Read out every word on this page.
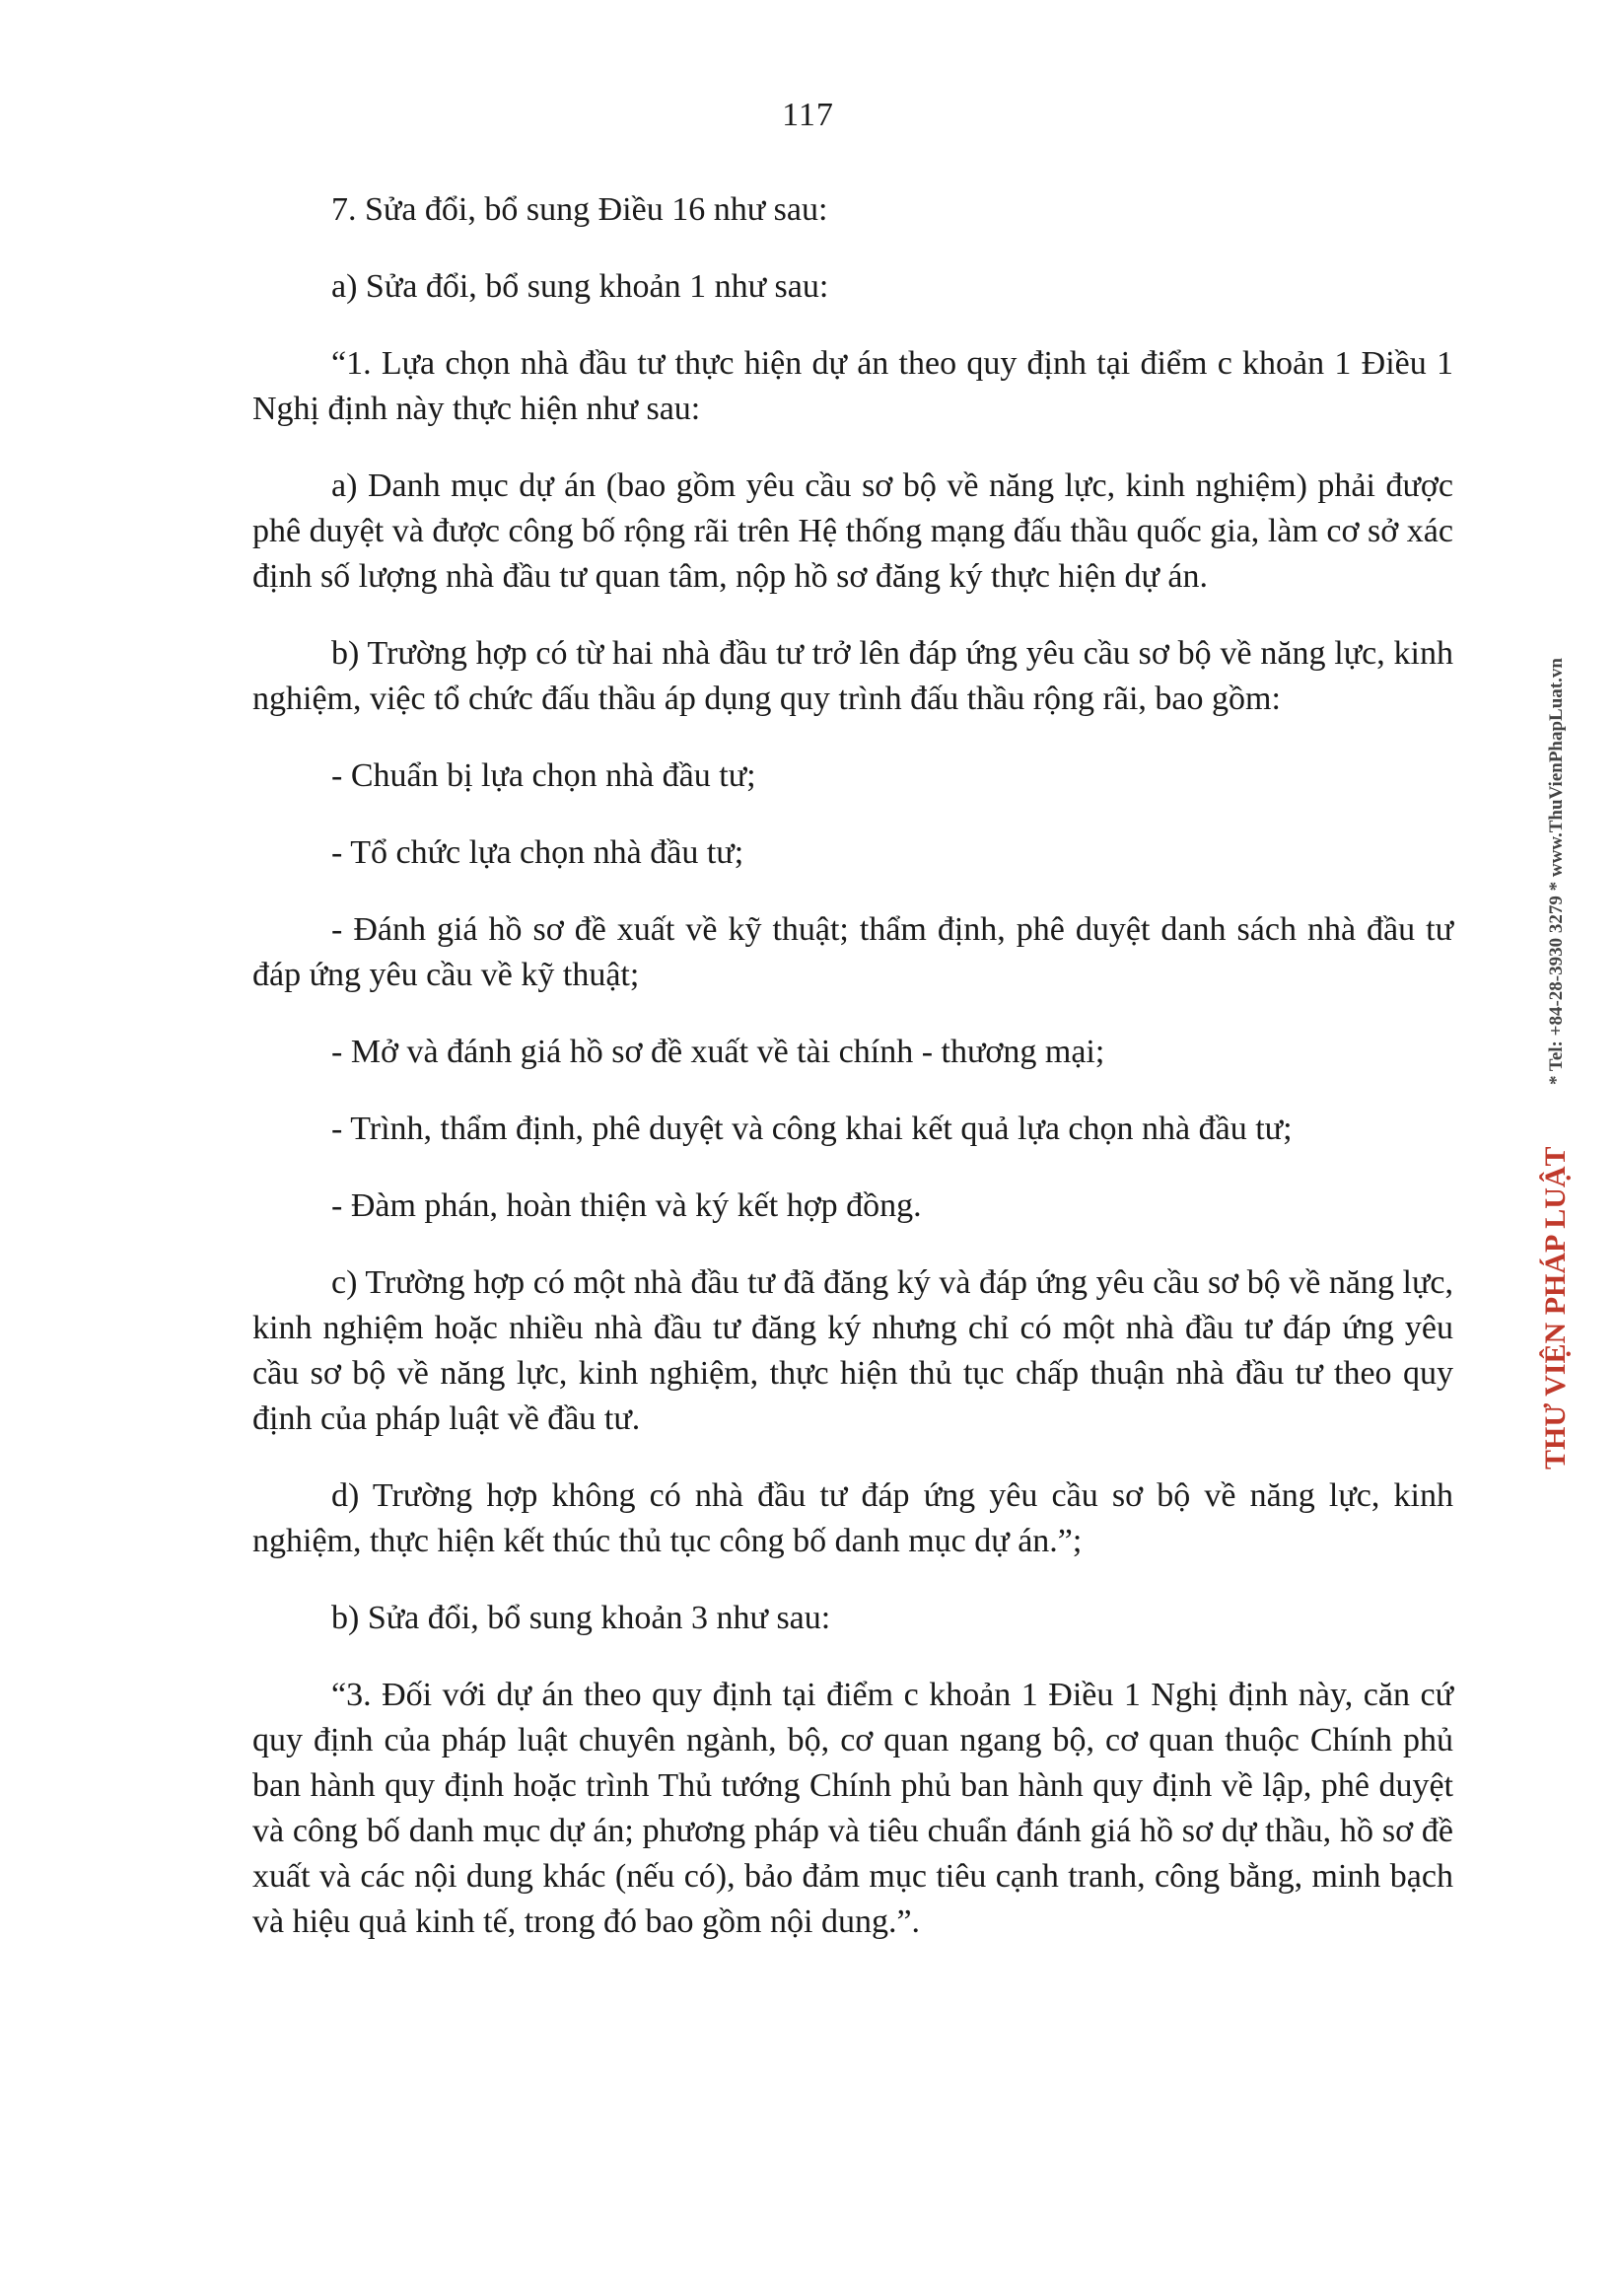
117

7. Sửa đổi, bổ sung Điều 16 như sau:

a) Sửa đổi, bổ sung khoản 1 như sau:

“1. Lựa chọn nhà đầu tư thực hiện dự án theo quy định tại điểm c khoản 1 Điều 1 Nghị định này thực hiện như sau:

a) Danh mục dự án (bao gồm yêu cầu sơ bộ về năng lực, kinh nghiệm) phải được phê duyệt và được công bố rộng rãi trên Hệ thống mạng đấu thầu quốc gia, làm cơ sở xác định số lượng nhà đầu tư quan tâm, nộp hồ sơ đăng ký thực hiện dự án.

b) Trường hợp có từ hai nhà đầu tư trở lên đáp ứng yêu cầu sơ bộ về năng lực, kinh nghiệm, việc tổ chức đấu thầu áp dụng quy trình đấu thầu rộng rãi, bao gồm:

- Chuẩn bị lựa chọn nhà đầu tư;

- Tổ chức lựa chọn nhà đầu tư;

- Đánh giá hồ sơ đề xuất về kỹ thuật; thẩm định, phê duyệt danh sách nhà đầu tư đáp ứng yêu cầu về kỹ thuật;

- Mở và đánh giá hồ sơ đề xuất về tài chính - thương mại;

- Trình, thẩm định, phê duyệt và công khai kết quả lựa chọn nhà đầu tư;

- Đàm phán, hoàn thiện và ký kết hợp đồng.

c) Trường hợp có một nhà đầu tư đã đăng ký và đáp ứng yêu cầu sơ bộ về năng lực, kinh nghiệm hoặc nhiều nhà đầu tư đăng ký nhưng chỉ có một nhà đầu tư đáp ứng yêu cầu sơ bộ về năng lực, kinh nghiệm, thực hiện thủ tục chấp thuận nhà đầu tư theo quy định của pháp luật về đầu tư.

d) Trường hợp không có nhà đầu tư đáp ứng yêu cầu sơ bộ về năng lực, kinh nghiệm, thực hiện kết thúc thủ tục công bố danh mục dự án.”;

b) Sửa đổi, bổ sung khoản 3 như sau:

“3. Đối với dự án theo quy định tại điểm c khoản 1 Điều 1 Nghị định này, căn cứ quy định của pháp luật chuyên ngành, bộ, cơ quan ngang bộ, cơ quan thuộc Chính phủ ban hành quy định hoặc trình Thủ tướng Chính phủ ban hành quy định về lập, phê duyệt và công bố danh mục dự án; phương pháp và tiêu chuẩn đánh giá hồ sơ dự thầu, hồ sơ đề xuất và các nội dung khác (nếu có), bảo đảm mục tiêu cạnh tranh, công bằng, minh bạch và hiệu quả kinh tế, trong đó bao gồm nội dung.”.

THƯ VIỆN PHÁP LUẬT
* Tel: +84-28-3930 3279 * www.ThuVienPhapLuat.vn
